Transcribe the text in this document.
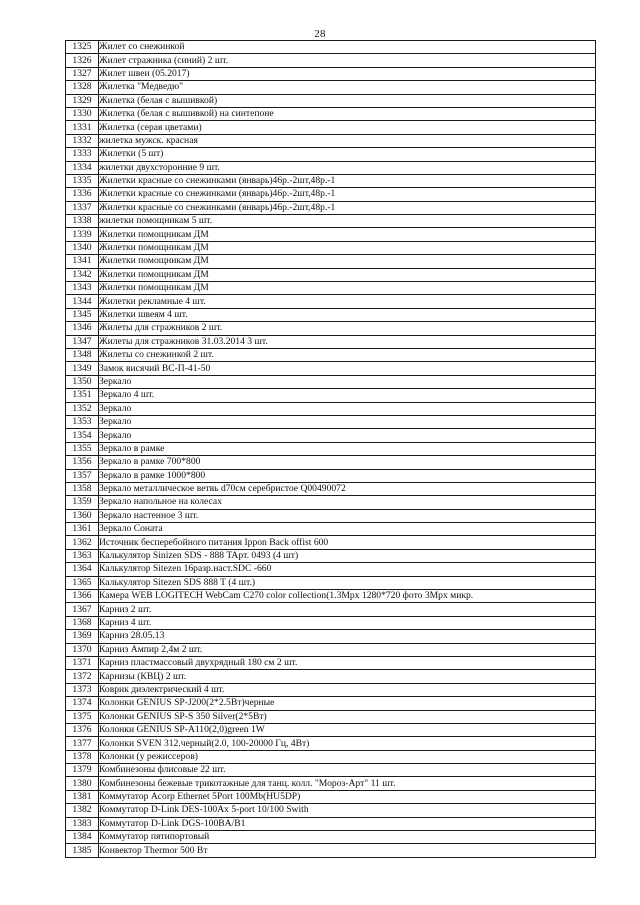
28
1325	Жилет со снежинкой
1326	Жилет стражника (синий) 2 шт.
1327	Жилет швеи (05.2017)
1328	Жилетка "Медведю"
1329	Жилетка (белая с вышивкой)
1330	Жилетка (белая с вышивкой) на синтепоне
1331	Жилетка (серая цветами)
1332	жилетка мужск. красная
1333	Жилетки (5 шт)
1334	жилетки двухсторонние 9 шт.
1335	Жилетки красные со снежинками (январь)46р.-2шт,48р.-1
1336	Жилетки красные со снежинками (январь)46р.-2шт,48р.-1
1337	Жилетки красные со снежинками (январь)46р.-2шт,48р.-1
1338	жилетки помощникам 5 шт.
1339	Жилетки помощникам ДМ
1340	Жилетки помощникам ДМ
1341	Жилетки помощникам ДМ
1342	Жилетки помощникам ДМ
1343	Жилетки помощникам ДМ
1344	Жилетки рекламные 4 шт.
1345	Жилетки швеям 4 шт.
1346	Жилеты для стражников 2 шт.
1347	Жилеты для стражников 31.03.2014 3 шт.
1348	Жилеты со снежинкой 2 шт.
1349	Замок висячий ВС-П-41-50
1350	Зеркало
1351	Зеркало 4 шт.
1352	Зеркало
1353	Зеркало
1354	Зеркало
1355	Зеркало в рамке
1356	Зеркало в рамке 700*800
1357	Зеркало в рамке 1000*800
1358	Зеркало металлическое ветвь d70см серебристое Q00490072
1359	Зеркало напольное на колесах
1360	Зеркало настенное 3 шт.
1361	Зеркало Соната
1362	Источник бесперебойного питания Ippon Back offist 600
1363	Калькулятор Sinizen SDS - 888 TApт. 0493 (4 шт)
1364	Калькулятор Sitezen 16разр.наст.SDC -660
1365	Калькулятор Sitezen SDS 888 T (4 шт.)
1366	Камера WEB LOGITECH WebCam C270 color collection(1.3Мрх 1280*720 фото 3Мрх микр.
1367	Карниз 2 шт.
1368	Карниз 4 шт.
1369	Карниз 28.05.13
1370	Карниз Ампир 2,4м 2 шт.
1371	Карниз пластмассовый двухрядный 180 см 2 шт.
1372	Карнизы (КВЦ) 2 шт.
1373	Коврик диэлектрический 4 шт.
1374	Колонки GENIUS SP-J200(2*2.5Вт)черные
1375	Колонки GENIUS SP-S 350 Silver(2*5Вт)
1376	Колонки GENIUS SP-A110(2,0)green 1W
1377	Колонки SVEN 312.черный(2.0, 100-20000 Гц, 4Вт)
1378	Колонки (у режиссеров)
1379	Комбинезоны флисовые 22 шт.
1380	Комбинезоны бежевые трикотажные для танц. колл. "Мороз-Арт" 11 шт.
1381	Коммутатор Acorp Ethernet 5Port 100Mb(HU5DP)
1382	Коммутатор D-Link DES-100Ax 5-port 10/100 Swith
1383	Коммутатор D-Link DGS-100BA/B1
1384	Коммутатор пятипортовый
1385	Конвектор Thermor 500 Вт
